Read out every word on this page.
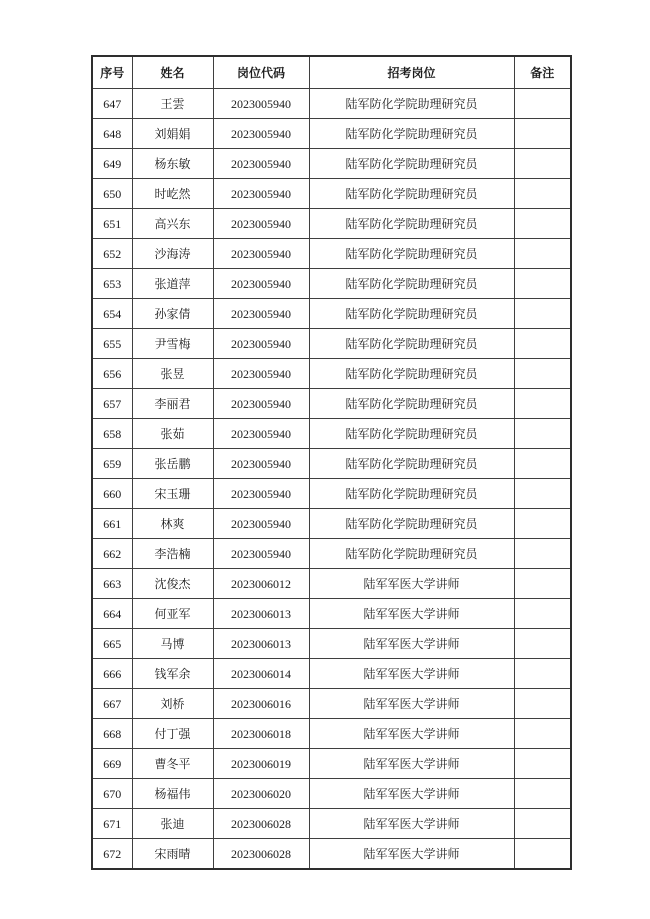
序号	姓名	岗位代码	招考岗位	备注
647	王雲	2023005940	陆军防化学院助理研究员	
648	刘娟娟	2023005940	陆军防化学院助理研究员	
649	杨东敏	2023005940	陆军防化学院助理研究员	
650	时屹然	2023005940	陆军防化学院助理研究员	
651	高兴东	2023005940	陆军防化学院助理研究员	
652	沙海涛	2023005940	陆军防化学院助理研究员	
653	张道萍	2023005940	陆军防化学院助理研究员	
654	孙家倩	2023005940	陆军防化学院助理研究员	
655	尹雪梅	2023005940	陆军防化学院助理研究员	
656	张昱	2023005940	陆军防化学院助理研究员	
657	李丽君	2023005940	陆军防化学院助理研究员	
658	张茹	2023005940	陆军防化学院助理研究员	
659	张岳鹏	2023005940	陆军防化学院助理研究员	
660	宋玉珊	2023005940	陆军防化学院助理研究员	
661	林爽	2023005940	陆军防化学院助理研究员	
662	李浩楠	2023005940	陆军防化学院助理研究员	
663	沈俊杰	2023006012	陆军军医大学讲师	
664	何亚军	2023006013	陆军军医大学讲师	
665	马博	2023006013	陆军军医大学讲师	
666	钱军余	2023006014	陆军军医大学讲师	
667	刘桥	2023006016	陆军军医大学讲师	
668	付丁强	2023006018	陆军军医大学讲师	
669	曹冬平	2023006019	陆军军医大学讲师	
670	杨福伟	2023006020	陆军军医大学讲师	
671	张迪	2023006028	陆军军医大学讲师	
672	宋雨晴	2023006028	陆军军医大学讲师	
